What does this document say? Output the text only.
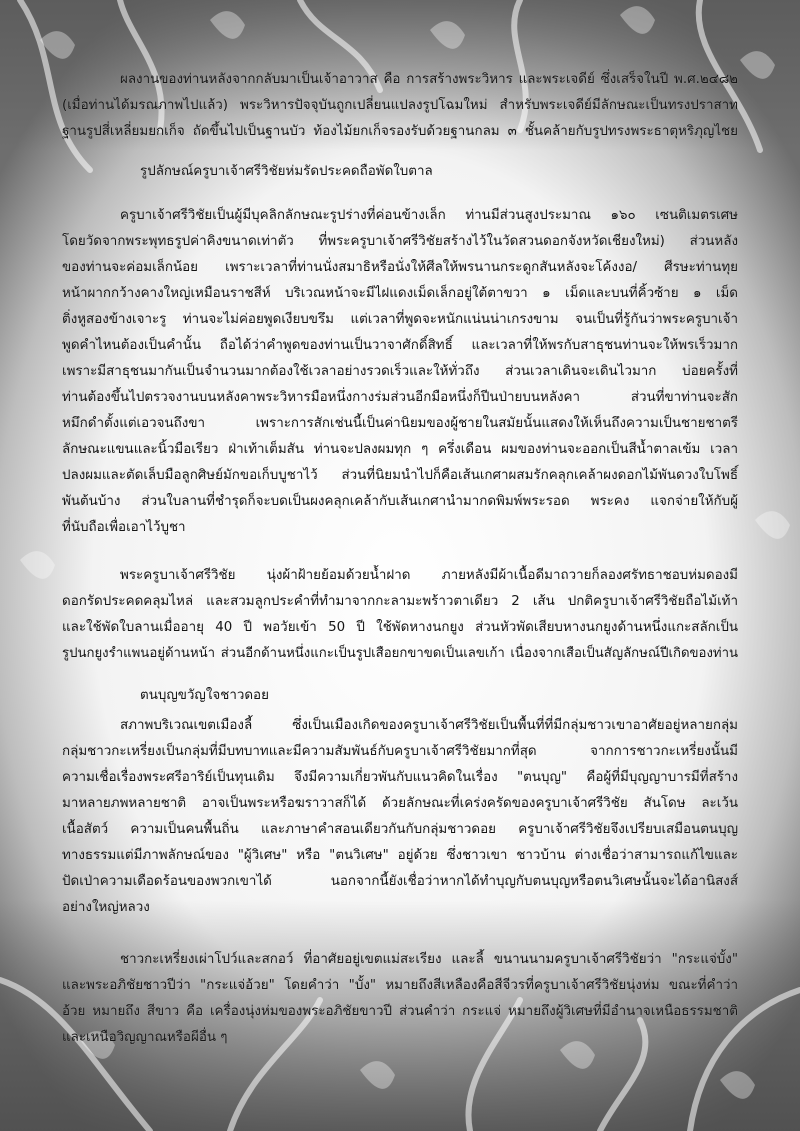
ผลงานของท่านหลังจากกลับมาเป็นเจ้าอาวาส คือ การสร้างพระวิหาร และพระเจดีย์ ซึ่งเสร็จในปี พ.ศ.๒๔๘๒
(เมื่อท่านได้มรณภาพไปแล้ว) พระวิหารปัจจุบันถูกเปลี่ยนแปลงรูปโฉมใหม่ สำหรับพระเจดีย์มีลักษณะเป็นทรงปราสาท
ฐานรูปสี่เหลี่ยมยกเก็จ ถัดขึ้นไปเป็นฐานบัว ท้องไม้ยกเก็จรองรับด้วยฐานกลม ๓ ชั้นคล้ายกับรูปทรงพระธาตุหริภุญไชย
รูปลักษณ์ครูบาเจ้าศรีวิชัยห่มรัดประคดถือพัดใบตาล
ครูบาเจ้าศรีวิชัยเป็นผู้มีบุคลิกลักษณะรูปร่างที่ค่อนข้างเล็ก ท่านมีส่วนสูงประมาณ ๑๖๐ เซนติเมตรเศษ
โดยวัดจากพระพุทธรูปค่าคิงขนาดเท่าตัว ที่พระครูบาเจ้าศรีวิชัยสร้างไว้ในวัดสวนดอกจังหวัดเชียงใหม่) ส่วนหลัง
ของท่านจะค่อมเล็กน้อย เพราะเวลาที่ท่านนั่งสมาธิหรือนั่งให้ศีลให้พรนานกระดูกสันหลังจะโค้งงอ/ ศีรษะท่านทุย
หน้าผากกว้างคางใหญ่เหมือนราชสีห์ บริเวณหน้าจะมีไฝแดงเม็ดเล็กอยู่ใต้ตาขวา ๑ เม็ดและบนที่คิ้วซ้าย ๑ เม็ด
ติ่งหูสองข้างเจาะรู ท่านจะไม่ค่อยพูดเงียบขรึม แต่เวลาที่พูดจะหนักแน่นน่าเกรงขาม จนเป็นที่รู้กันว่าพระครูบาเจ้า
พูดคำไหนต้องเป็นคำนั้น ถือได้ว่าคำพูดของท่านเป็นวาจาศักดิ์สิทธิ์ และเวลาที่ให้พรกับสาธุชนท่านจะให้พรเร็วมาก
เพราะมีสาธุชนมากันเป็นจำนวนมากต้องใช้เวลาอย่างรวดเร็วและให้ทั่วถึง ส่วนเวลาเดินจะเดินไวมาก บ่อยครั้งที่
ท่านต้องขึ้นไปตรวจงานบนหลังคาพระวิหารมือหนึ่งกางร่มส่วนอีกมือหนึ่งก็ปีนป่ายบนหลังคา ส่วนที่ขาท่านจะสัก
หมึกดำตั้งแต่เอวจนถึงขา เพราะการสักเช่นนี้เป็นค่านิยมของผู้ชายในสมัยนั้นแสดงให้เห็นถึงความเป็นชายชาตรี
ลักษณะแขนและนิ้วมือเรียว ฝ่าเท้าเต็มสัน ท่านจะปลงผมทุก ๆ ครึ่งเดือน ผมของท่านจะออกเป็นสีน้ำตาลเข้ม เวลา
ปลงผมและตัดเล็บมือลูกศิษย์มักขอเก็บบูชาไว้ ส่วนที่นิยมนำไปก็คือเส้นเกศาผสมรักคลุกเคล้าผงดอกไม้พันดวงใบโพธิ์
พันต้นบ้าง ส่วนใบลานที่ชำรุดก็จะบดเป็นผงคลุกเคล้ากับเส้นเกศานำมากดพิมพ์พระรอด พระคง แจกจ่ายให้กับผู้
ที่นับถือเพื่อเอาไว้บูชา
พระครูบาเจ้าศรีวิชัย นุ่งผ้าฝ้ายย้อมด้วยน้ำฝาด ภายหลังมีผ้าเนื้อดีมาถวายก็ลองศรัทธาชอบห่มดองมี
ดอกรัดประคดคลุมไหล่ และสวมลูกประคำที่ทำมาจากกะลามะพร้าวตาเดียว 2 เส้น ปกติครูบาเจ้าศรีวิชัยถือไม้เท้า
และใช้พัดใบลานเมื่ออายุ 40 ปี พอวัยเข้า 50 ปี ใช้พัดหางนกยูง ส่วนหัวพัดเสียบหางนกยูงด้านหนึ่งแกะสลักเป็น
รูปนกยูงรำแพนอยู่ด้านหน้า ส่วนอีกด้านหนึ่งแกะเป็นรูปเสือยกขาขดเป็นเลขเก้า เนื่องจากเสือเป็นสัญลักษณ์ปีเกิดของท่าน
ตนบุญขวัญใจชาวดอย
สภาพบริเวณเขตเมืองลี้ ซึ่งเป็นเมืองเกิดของครูบาเจ้าศรีวิชัยเป็นพื้นที่ที่มีกลุ่มชาวเขาอาศัยอยู่หลายกลุ่ม
กลุ่มชาวกะเหรี่ยงเป็นกลุ่มที่มีบทบาทและมีความสัมพันธ์กับครูบาเจ้าศรีวิชัยมากที่สุด จากการชาวกะเหรี่ยงนั้นมี
ความเชื่อเรื่องพระศรีอาริย์เป็นทุนเดิม จึงมีความเกี่ยวพันกับแนวคิดในเรื่อง "ตนบุญ" คือผู้ที่มีบุญญาบารมีที่สร้าง
มาหลายภพหลายชาติ อาจเป็นพระหรือฆราวาสก็ได้ ด้วยลักษณะที่เคร่งครัดของครูบาเจ้าศรีวิชัย สันโดษ ละเว้น
เนื้อสัตว์ ความเป็นคนพื้นถิ่น และภาษาคำสอนเดียวกันกับกลุ่มชาวดอย ครูบาเจ้าศรีวิชัยจึงเปรียบเสมือนตนบุญ
ทางธรรมแต่มีภาพลักษณ์ของ "ผู้วิเศษ" หรือ "ตนวิเศษ" อยู่ด้วย ซึ่งชาวเขา ชาวบ้าน ต่างเชื่อว่าสามารถแก้ไขและ
ปัดเป่าความเดือดร้อนของพวกเขาได้ นอกจากนี้ยังเชื่อว่าหากได้ทำบุญกับตนบุญหรือตนวิเศษนั้นจะได้อานิสงส์
อย่างใหญ่หลวง
ชาวกะเหรี่ยงเผ่าโปว์และสกอว์ ที่อาศัยอยู่เขตแม่สะเรียง และลี้ ขนานนามครูบาเจ้าศรีวิชัยว่า "กระแจ่บั้ง"
และพระอภิชัยชาวปีว่า "กระแจ่อ้วย" โดยคำว่า "บั้ง" หมายถึงสีเหลืองคือสีจีวรที่ครูบาเจ้าศรีวิชัยนุ่งห่ม ขณะที่คำว่า
อ้วย หมายถึง สีขาว คือ เครื่องนุ่งห่มของพระอภิชัยขาวปี ส่วนคำว่า กระแจ่ หมายถึงผู้วิเศษที่มีอำนาจเหนือธรรมชาติ
และเหนือวิญญาณหรือผีอื่น ๆ
